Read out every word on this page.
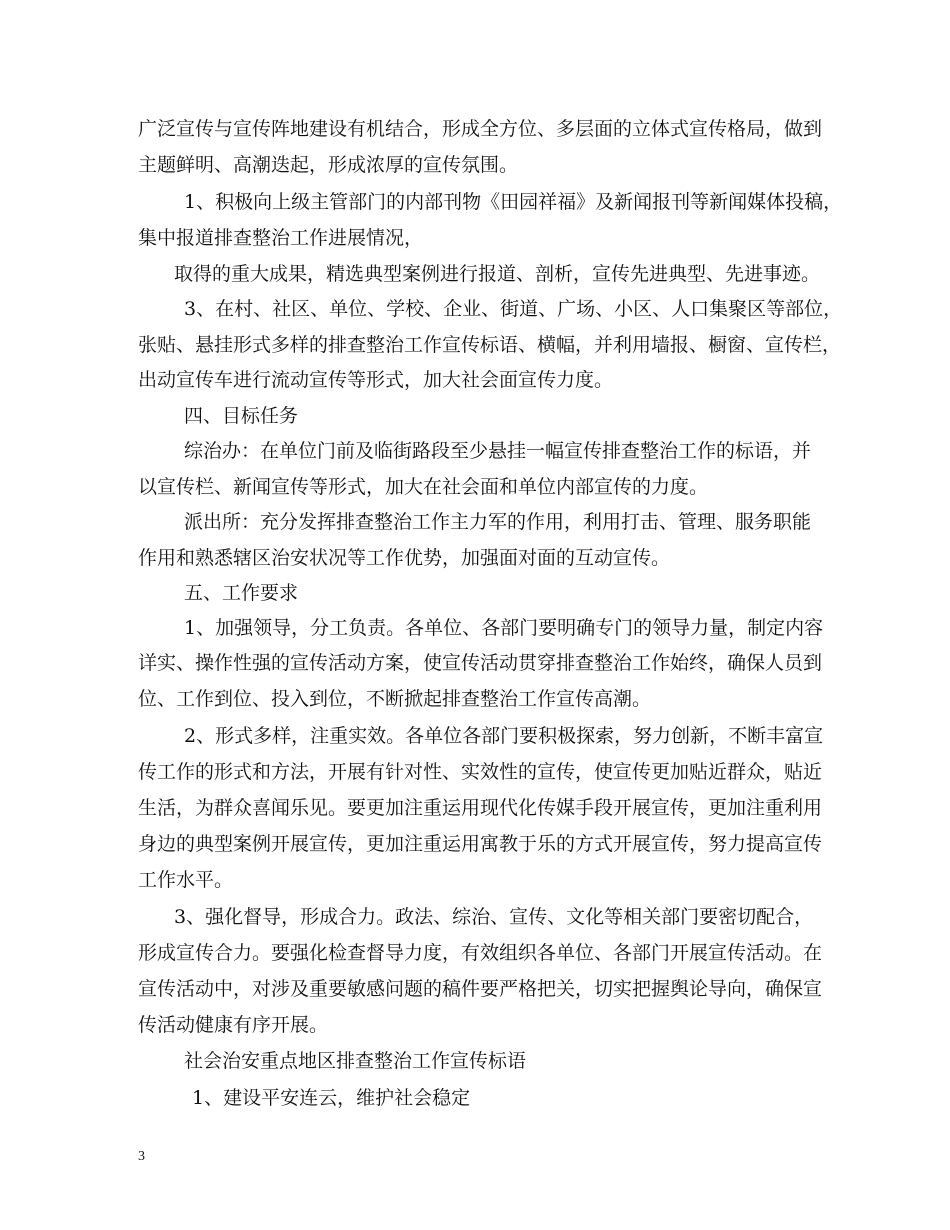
广泛宣传与宣传阵地建设有机结合，形成全方位、多层面的立体式宣传格局，做到
主题鲜明、高潮迭起，形成浓厚的宣传氛围。
1、积极向上级主管部门的内部刊物《田园祥福》及新闻报刊等新闻媒体投稿，
集中报道排查整治工作进展情况，
取得的重大成果，精选典型案例进行报道、剖析，宣传先进典型、先进事迹。
3、在村、社区、单位、学校、企业、街道、广场、小区、人口集聚区等部位，
张贴、悬挂形式多样的排查整治工作宣传标语、横幅，并利用墙报、橱窗、宣传栏，
出动宣传车进行流动宣传等形式，加大社会面宣传力度。
四、目标任务
综治办：在单位门前及临街路段至少悬挂一幅宣传排查整治工作的标语，并
以宣传栏、新闻宣传等形式，加大在社会面和单位内部宣传的力度。
派出所：充分发挥排查整治工作主力军的作用，利用打击、管理、服务职能
作用和熟悉辖区治安状况等工作优势，加强面对面的互动宣传。
五、工作要求
1、加强领导，分工负责。各单位、各部门要明确专门的领导力量，制定内容
详实、操作性强的宣传活动方案，使宣传活动贯穿排查整治工作始终，确保人员到
位、工作到位、投入到位，不断掀起排查整治工作宣传高潮。
2、形式多样，注重实效。各单位各部门要积极探索，努力创新，不断丰富宣
传工作的形式和方法，开展有针对性、实效性的宣传，使宣传更加贴近群众，贴近
生活，为群众喜闻乐见。要更加注重运用现代化传媒手段开展宣传，更加注重利用
身边的典型案例开展宣传，更加注重运用寓教于乐的方式开展宣传，努力提高宣传
工作水平。
3、强化督导，形成合力。政法、综治、宣传、文化等相关部门要密切配合，
形成宣传合力。要强化检查督导力度，有效组织各单位、各部门开展宣传活动。在
宣传活动中，对涉及重要敏感问题的稿件要严格把关，切实把握舆论导向，确保宣
传活动健康有序开展。
社会治安重点地区排查整治工作宣传标语
1、建设平安连云，维护社会稳定
3
